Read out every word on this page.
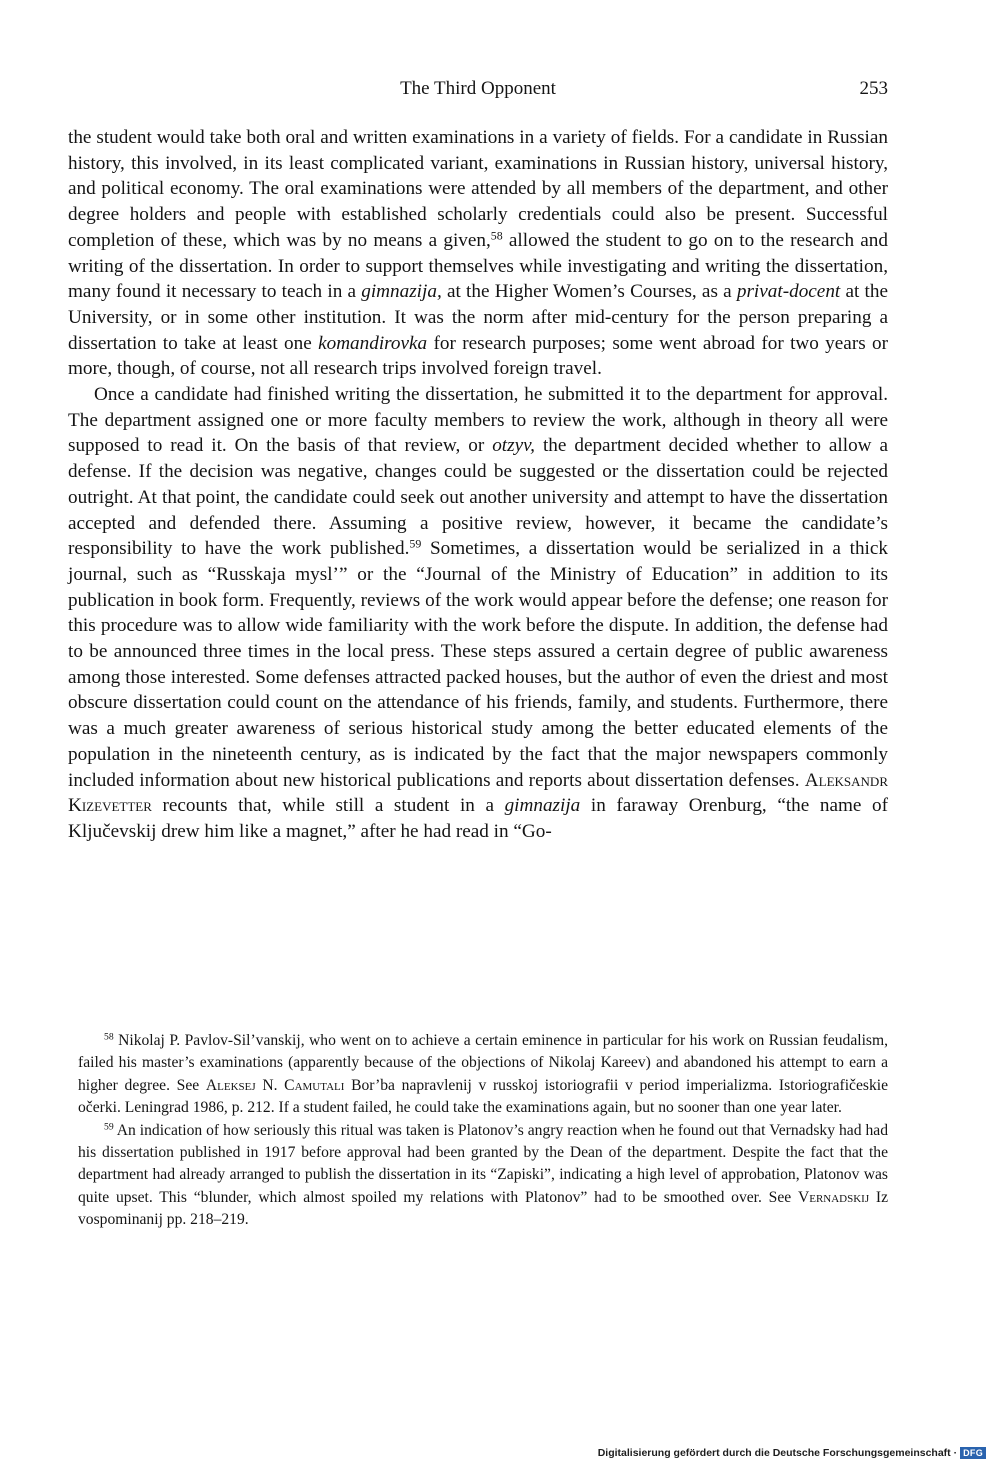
The Third Opponent	253

the student would take both oral and written examinations in a variety of fields. For a candidate in Russian history, this involved, in its least complicated variant, examinations in Russian history, universal history, and political economy. The oral examinations were attended by all members of the department, and other degree holders and people with established scholarly credentials could also be present. Successful completion of these, which was by no means a given,$^{58}$ allowed the student to go on to the research and writing of the dissertation. In order to support themselves while investigating and writing the dissertation, many found it necessary to teach in a gimnazija, at the Higher Women’s Courses, as a privat-docent at the University, or in some other institution. It was the norm after mid-century for the person preparing a dissertation to take at least one komandirovka for research purposes; some went abroad for two years or more, though, of course, not all research trips involved foreign travel.

Once a candidate had finished writing the dissertation, he submitted it to the department for approval. The department assigned one or more faculty members to review the work, although in theory all were supposed to read it. On the basis of that review, or otzyv, the department decided whether to allow a defense. If the decision was negative, changes could be suggested or the dissertation could be rejected outright. At that point, the candidate could seek out another university and attempt to have the dissertation accepted and defended there. Assuming a positive review, however, it became the candidate’s responsibility to have the work published.$^{59}$ Sometimes, a dissertation would be serialized in a thick journal, such as “Russkaja mysl’” or the “Journal of the Ministry of Education” in addition to its publication in book form. Frequently, reviews of the work would appear before the defense; one reason for this procedure was to allow wide familiarity with the work before the dispute. In addition, the defense had to be announced three times in the local press. These steps assured a certain degree of public awareness among those interested. Some defenses attracted packed houses, but the author of even the driest and most obscure dissertation could count on the attendance of his friends, family, and students. Furthermore, there was a much greater awareness of serious historical study among the better educated elements of the population in the nineteenth century, as is indicated by the fact that the major newspapers commonly included information about new historical publications and reports about dissertation defenses. Aleksandr Kizevetter recounts that, while still a student in a gimnazija in faraway Orenburg, “the name of Ključevskij drew him like a magnet,” after he had read in “Go-

$^{58}$ Nikolaj P. Pavlov-Sil’vanskij, who went on to achieve a certain eminence in particular for his work on Russian feudalism, failed his master’s examinations (apparently because of the objections of Nikolaj Kareev) and abandoned his attempt to earn a higher degree. See Aleksej N. Camutali Bor’ba napravlenij v russkoj istoriografii v period imperializma. Istoriografičeskie očerki. Leningrad 1986, p. 212. If a student failed, he could take the examinations again, but no sooner than one year later.

$^{59}$ An indication of how seriously this ritual was taken is Platonov’s angry reaction when he found out that Vernadsky had had his dissertation published in 1917 before approval had been granted by the Dean of the department. Despite the fact that the department had already arranged to publish the dissertation in its “Zapiski”, indicating a high level of approbation, Platonov was quite upset. This “blunder, which almost spoiled my relations with Platonov” had to be smoothed over. See Vernadskij Iz vospominanij pp. 218–219.

Digitalisierung gefördert durch die Deutsche Forschungsgemeinschaft · DFG
